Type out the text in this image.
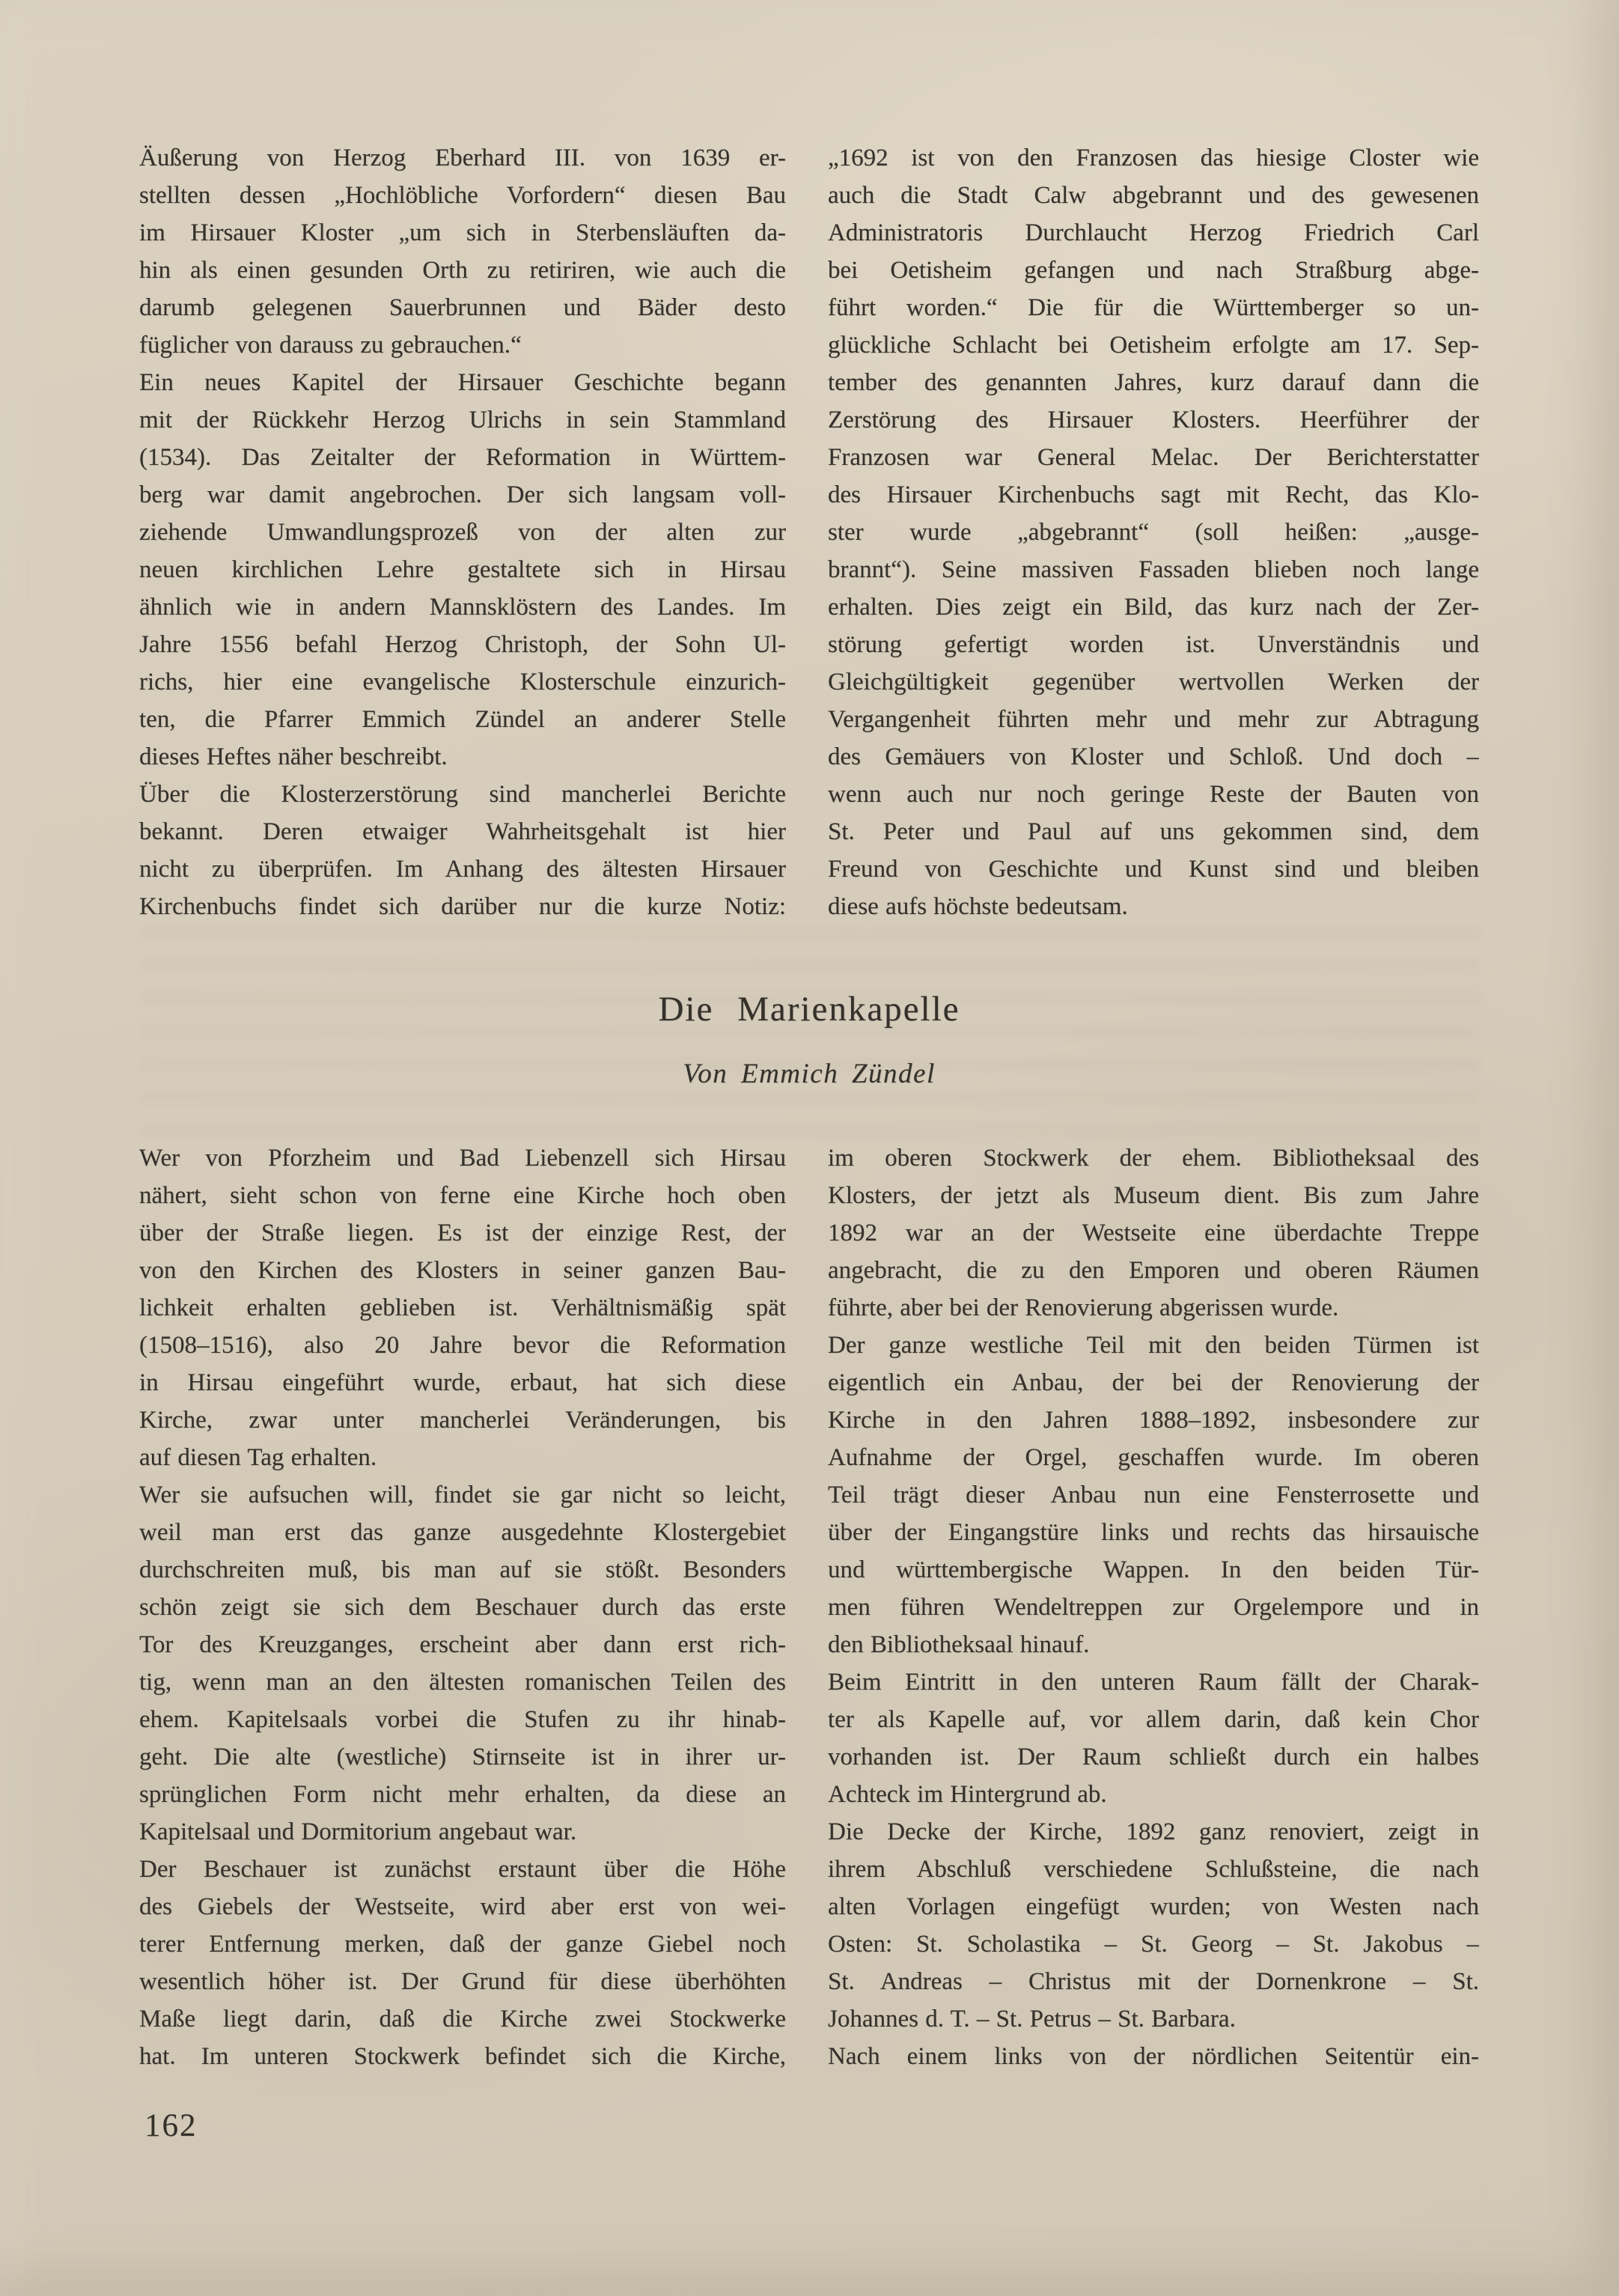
Äußerung von Herzog Eberhard III. von 1639 er-
stellten dessen „Hochlöbliche Vorfordern“ diesen Bau
im Hirsauer Kloster „um sich in Sterbensläuften da-
hin als einen gesunden Orth zu retiriren, wie auch die
darumb gelegenen Sauerbrunnen und Bäder desto
füglicher von darauss zu gebrauchen.“
Ein neues Kapitel der Hirsauer Geschichte begann
mit der Rückkehr Herzog Ulrichs in sein Stammland
(1534). Das Zeitalter der Reformation in Württem-
berg war damit angebrochen. Der sich langsam voll-
ziehende Umwandlungsprozeß von der alten zur
neuen kirchlichen Lehre gestaltete sich in Hirsau
ähnlich wie in andern Mannsklöstern des Landes. Im
Jahre 1556 befahl Herzog Christoph, der Sohn Ul-
richs, hier eine evangelische Klosterschule einzurich-
ten, die Pfarrer Emmich Zündel an anderer Stelle
dieses Heftes näher beschreibt.
Über die Klosterzerstörung sind mancherlei Berichte
bekannt. Deren etwaiger Wahrheitsgehalt ist hier
nicht zu überprüfen. Im Anhang des ältesten Hirsauer
Kirchenbuchs findet sich darüber nur die kurze Notiz:
„1692 ist von den Franzosen das hiesige Closter wie
auch die Stadt Calw abgebrannt und des gewesenen
Administratoris Durchlaucht Herzog Friedrich Carl
bei Oetisheim gefangen und nach Straßburg abge-
führt worden.“ Die für die Württemberger so un-
glückliche Schlacht bei Oetisheim erfolgte am 17. Sep-
tember des genannten Jahres, kurz darauf dann die
Zerstörung des Hirsauer Klosters. Heerführer der
Franzosen war General Melac. Der Berichterstatter
des Hirsauer Kirchenbuchs sagt mit Recht, das Klo-
ster wurde „abgebrannt“ (soll heißen: „ausge-
brannt“). Seine massiven Fassaden blieben noch lange
erhalten. Dies zeigt ein Bild, das kurz nach der Zer-
störung gefertigt worden ist. Unverständnis und
Gleichgültigkeit gegenüber wertvollen Werken der
Vergangenheit führten mehr und mehr zur Abtragung
des Gemäuers von Kloster und Schloß. Und doch –
wenn auch nur noch geringe Reste der Bauten von
St. Peter und Paul auf uns gekommen sind, dem
Freund von Geschichte und Kunst sind und bleiben
diese aufs höchste bedeutsam.
Die Marienkapelle
Von Emmich Zündel
Wer von Pforzheim und Bad Liebenzell sich Hirsau
nähert, sieht schon von ferne eine Kirche hoch oben
über der Straße liegen. Es ist der einzige Rest, der
von den Kirchen des Klosters in seiner ganzen Bau-
lichkeit erhalten geblieben ist. Verhältnismäßig spät
(1508–1516), also 20 Jahre bevor die Reformation
in Hirsau eingeführt wurde, erbaut, hat sich diese
Kirche, zwar unter mancherlei Veränderungen, bis
auf diesen Tag erhalten.
Wer sie aufsuchen will, findet sie gar nicht so leicht,
weil man erst das ganze ausgedehnte Klostergebiet
durchschreiten muß, bis man auf sie stößt. Besonders
schön zeigt sie sich dem Beschauer durch das erste
Tor des Kreuzganges, erscheint aber dann erst rich-
tig, wenn man an den ältesten romanischen Teilen des
ehem. Kapitelsaals vorbei die Stufen zu ihr hinab-
geht. Die alte (westliche) Stirnseite ist in ihrer ur-
sprünglichen Form nicht mehr erhalten, da diese an
Kapitelsaal und Dormitorium angebaut war.
Der Beschauer ist zunächst erstaunt über die Höhe
des Giebels der Westseite, wird aber erst von wei-
terer Entfernung merken, daß der ganze Giebel noch
wesentlich höher ist. Der Grund für diese überhöhten
Maße liegt darin, daß die Kirche zwei Stockwerke
hat. Im unteren Stockwerk befindet sich die Kirche,
im oberen Stockwerk der ehem. Bibliotheksaal des
Klosters, der jetzt als Museum dient. Bis zum Jahre
1892 war an der Westseite eine überdachte Treppe
angebracht, die zu den Emporen und oberen Räumen
führte, aber bei der Renovierung abgerissen wurde.
Der ganze westliche Teil mit den beiden Türmen ist
eigentlich ein Anbau, der bei der Renovierung der
Kirche in den Jahren 1888–1892, insbesondere zur
Aufnahme der Orgel, geschaffen wurde. Im oberen
Teil trägt dieser Anbau nun eine Fensterrosette und
über der Eingangstüre links und rechts das hirsauische
und württembergische Wappen. In den beiden Tür-
men führen Wendeltreppen zur Orgelempore und in
den Bibliotheksaal hinauf.
Beim Eintritt in den unteren Raum fällt der Charak-
ter als Kapelle auf, vor allem darin, daß kein Chor
vorhanden ist. Der Raum schließt durch ein halbes
Achteck im Hintergrund ab.
Die Decke der Kirche, 1892 ganz renoviert, zeigt in
ihrem Abschluß verschiedene Schlußsteine, die nach
alten Vorlagen eingefügt wurden; von Westen nach
Osten: St. Scholastika – St. Georg – St. Jakobus –
St. Andreas – Christus mit der Dornenkrone – St.
Johannes d. T. – St. Petrus – St. Barbara.
Nach einem links von der nördlichen Seitentür ein-
162
